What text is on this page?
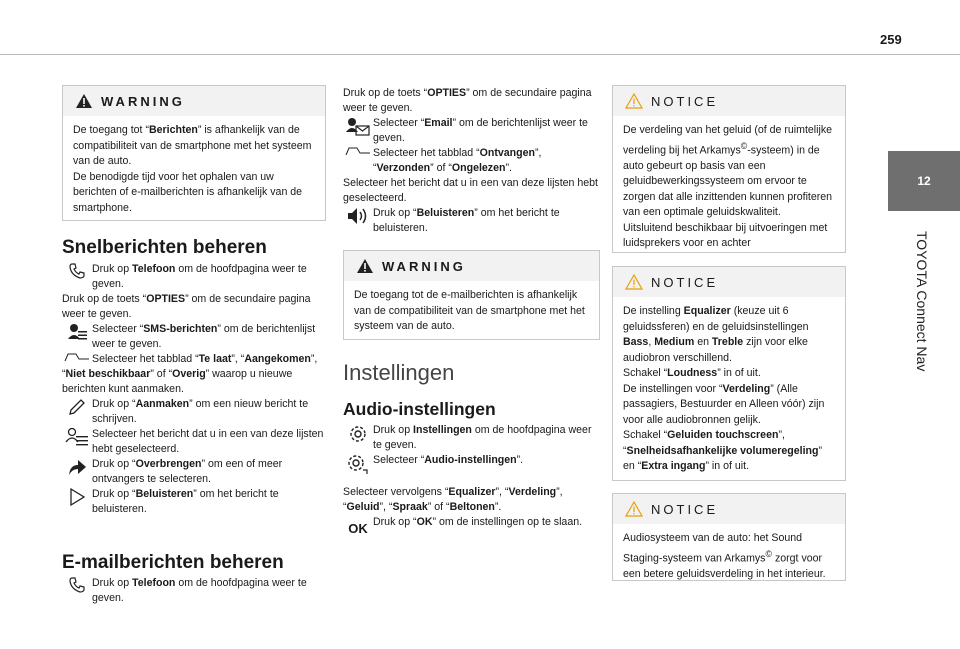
259
12
TOYOTA Connect Nav
WARNING
De toegang tot “Berichten” is afhankelijk van de compatibiliteit van de smartphone met het systeem van de auto.
De benodigde tijd voor het ophalen van uw berichten of e-mailberichten is afhankelijk van de smartphone.
Snelberichten beheren
Druk op Telefoon om de hoofdpagina weer te geven.
Druk op de toets “OPTIES” om de secundaire pagina weer te geven.
Selecteer “SMS-berichten” om de berichtenlijst weer te geven.
Selecteer het tabblad “Te laat”, “Aangekomen”, “Niet beschikbaar” of “Overig” waarop u nieuwe berichten kunt aanmaken.
Druk op “Aanmaken” om een nieuw bericht te schrijven.
Selecteer het bericht dat u in een van deze lijsten hebt geselecteerd.
Druk op “Overbrengen” om een of meer ontvangers te selecteren.
Druk op “Beluisteren” om het bericht te beluisteren.
E-mailberichten beheren
Druk op Telefoon om de hoofdpagina weer te geven.
Druk op de toets “OPTIES” om de secundaire pagina weer te geven.
Selecteer “Email” om de berichtenlijst weer te geven.
Selecteer het tabblad “Ontvangen”, “Verzonden” of “Ongelezen”.
Selecteer het bericht dat u in een van deze lijsten hebt geselecteerd.
Druk op “Beluisteren” om het bericht te beluisteren.
WARNING
De toegang tot de e-mailberichten is afhankelijk van de compatibiliteit van de smartphone met het systeem van de auto.
Instellingen
Audio-instellingen
Druk op Instellingen om de hoofdpagina weer te geven.
Selecteer “Audio-instellingen”.
Selecteer vervolgens “Equalizer”, “Verdeling”, “Geluid”, “Spraak” of “Beltonen”.
OK Druk op “OK” om de instellingen op te slaan.
NOTICE
De verdeling van het geluid (of de ruimtelijke verdeling bij het Arkamys©-systeem) in de auto gebeurt op basis van een geluidbewerkingssysteem om ervoor te zorgen dat alle inzittenden kunnen profiteren van een optimale geluidskwaliteit.
Uitsluitend beschikbaar bij uitvoeringen met luidsprekers voor en achter
NOTICE
De instelling Equalizer (keuze uit 6 geluidssferen) en de geluidsinstellingen Bass, Medium en Treble zijn voor elke audiobron verschillend.
Schakel “Loudness” in of uit.
De instellingen voor “Verdeling” (Alle passagiers, Bestuurder en Alleen vóór) zijn voor alle audiobronnen gelijk.
Schakel “Geluiden touchscreen”, “Snelheidsafhankelijke volumeregeling” en “Extra ingang” in of uit.
NOTICE
Audiosysteem van de auto: het Sound Staging-systeem van Arkamys© zorgt voor een betere geluidsverdeling in het interieur.
